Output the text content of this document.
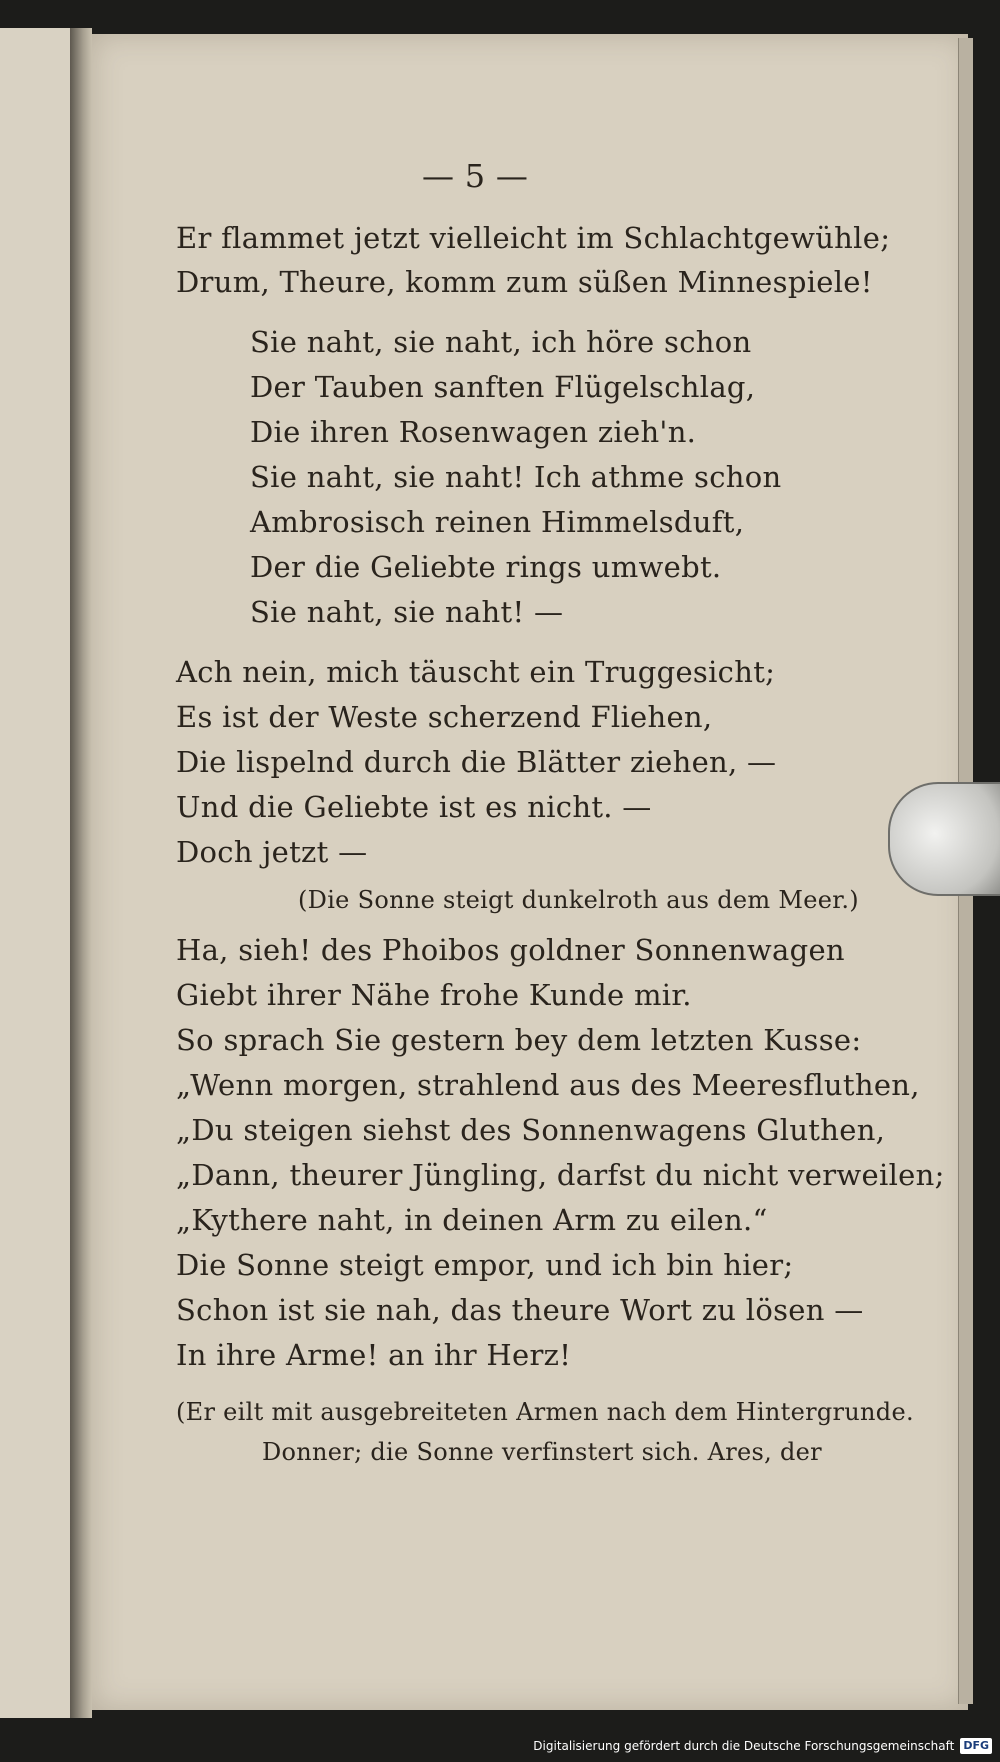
— 5 —
Er flammet jetzt vielleicht im Schlachtgewühle;
Drum, Theure, komm zum süßen Minnespiele!
Sie naht, sie naht, ich höre schon
Der Tauben sanften Flügelschlag,
Die ihren Rosenwagen zieh'n.
Sie naht, sie naht! Ich athme schon
Ambrosisch reinen Himmelsduft,
Der die Geliebte rings umwebt.
Sie naht, sie naht! —
Ach nein, mich täuscht ein Truggesicht;
Es ist der Weste scherzend Fliehen,
Die lispelnd durch die Blätter ziehen, —
Und die Geliebte ist es nicht. —
Doch jetzt —
(Die Sonne steigt dunkelroth aus dem Meer.)
Ha, sieh! des Phoibos goldner Sonnenwagen
Giebt ihrer Nähe frohe Kunde mir.
So sprach Sie gestern bey dem letzten Kusse:
„Wenn morgen, strahlend aus des Meeresfluthen,
„Du steigen siehst des Sonnenwagens Gluthen,
„Dann, theurer Jüngling, darfst du nicht verweilen;
„Kythere naht, in deinen Arm zu eilen.“
Die Sonne steigt empor, und ich bin hier;
Schon ist sie nah, das theure Wort zu lösen —
In ihre Arme! an ihr Herz!
(Er eilt mit ausgebreiteten Armen nach dem Hintergrunde.
Donner; die Sonne verfinstert sich. Ares, der
Digitalisierung gefördert durch die Deutsche Forschungsgemeinschaft DFG
